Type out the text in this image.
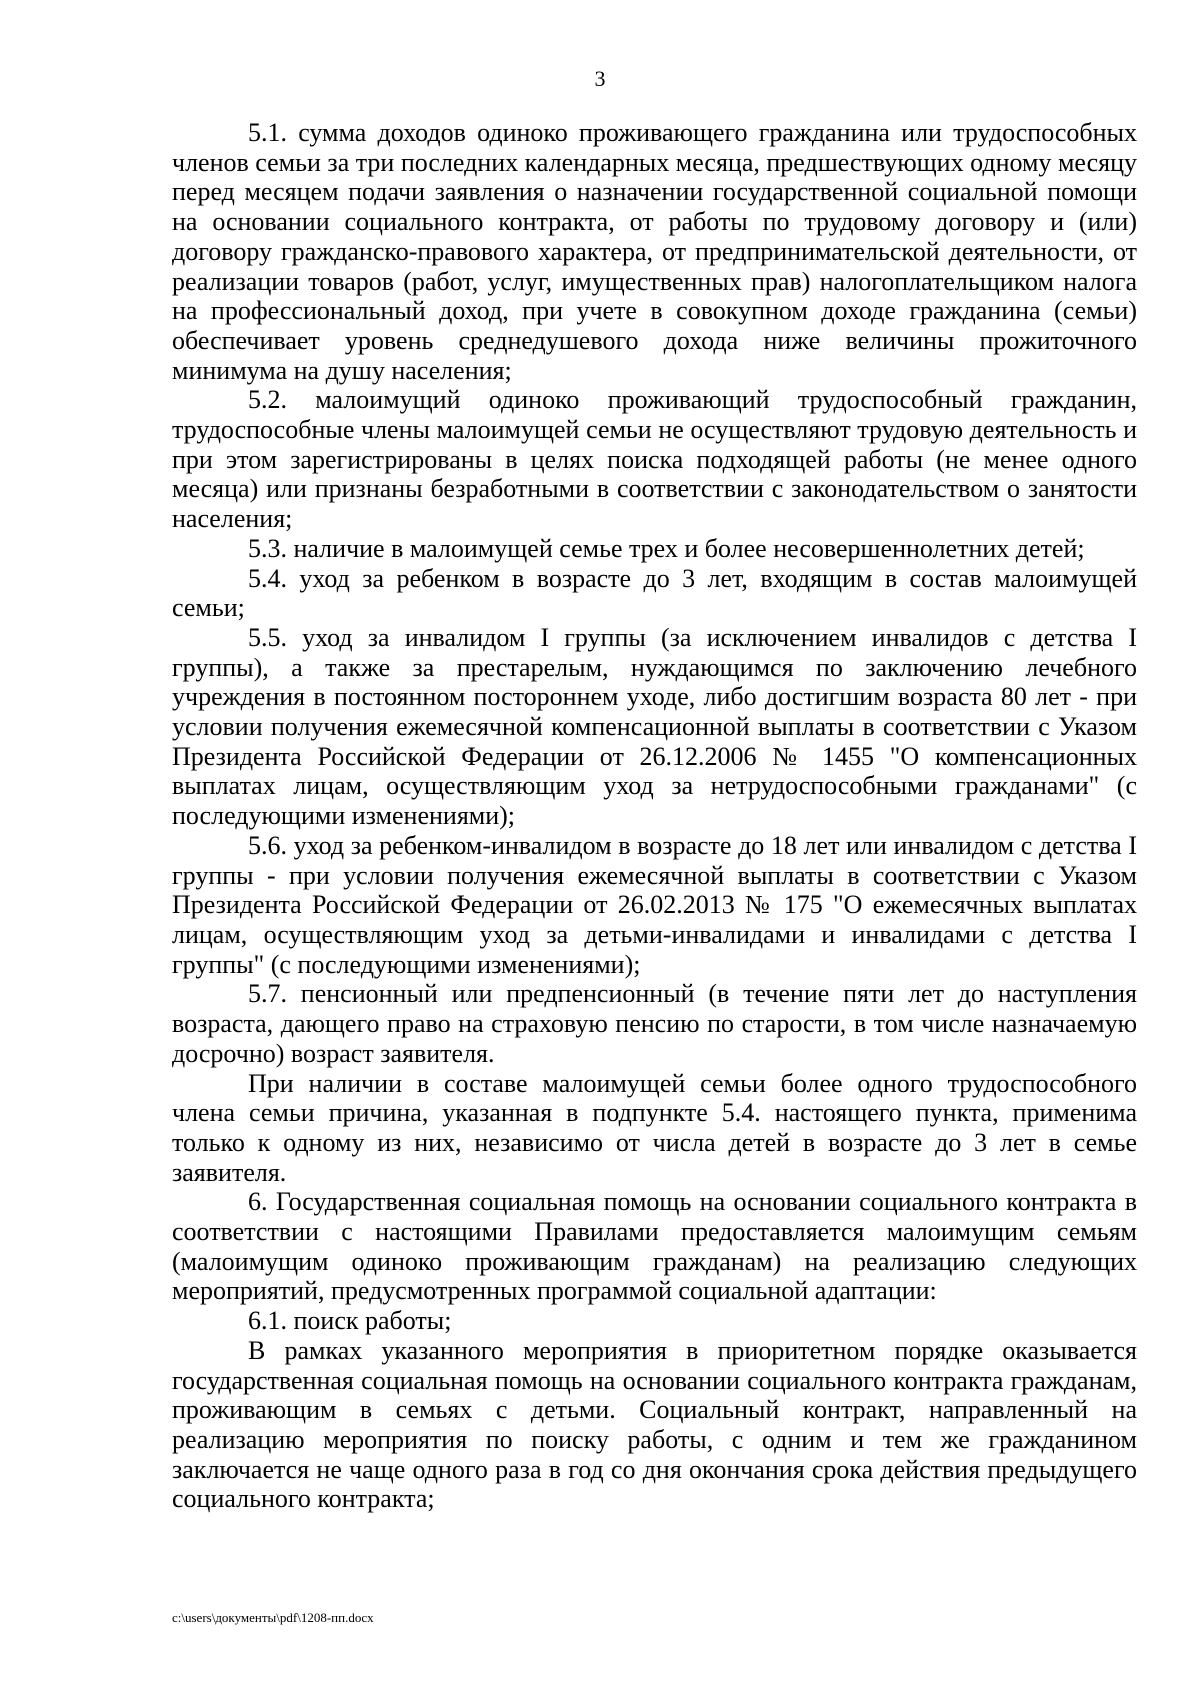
3

5.1. сумма доходов одиноко проживающего гражданина или трудоспособных членов семьи за три последних календарных месяца, предшествующих одному месяцу перед месяцем подачи заявления о назначении государственной социальной помощи на основании социального контракта, от работы по трудовому договору и (или) договору гражданско-правового характера, от предпринимательской деятельности, от реализации товаров (работ, услуг, имущественных прав) налогоплательщиком налога на профессиональный доход, при учете в совокупном доходе гражданина (семьи) обеспечивает уровень среднедушевого дохода ниже величины прожиточного минимума на душу населения;

5.2. малоимущий одиноко проживающий трудоспособный гражданин, трудоспособные члены малоимущей семьи не осуществляют трудовую деятельность и при этом зарегистрированы в целях поиска подходящей работы (не менее одного месяца) или признаны безработными в соответствии с законодательством о занятости населения;

5.3. наличие в малоимущей семье трех и более несовершеннолетних детей;

5.4. уход за ребенком в возрасте до 3 лет, входящим в состав малоимущей семьи;

5.5. уход за инвалидом I группы (за исключением инвалидов с детства I группы), а также за престарелым, нуждающимся по заключению лечебного учреждения в постоянном постороннем уходе, либо достигшим возраста 80 лет - при условии получения ежемесячной компенсационной выплаты в соответствии с Указом Президента Российской Федерации от 26.12.2006 № 1455 "О компенсационных выплатах лицам, осуществляющим уход за нетрудоспособными гражданами" (с последующими изменениями);

5.6. уход за ребенком-инвалидом в возрасте до 18 лет или инвалидом с детства I группы - при условии получения ежемесячной выплаты в соответствии с Указом Президента Российской Федерации от 26.02.2013 № 175 "О ежемесячных выплатах лицам, осуществляющим уход за детьми-инвалидами и инвалидами с детства I группы" (с последующими изменениями);

5.7. пенсионный или предпенсионный (в течение пяти лет до наступления возраста, дающего право на страховую пенсию по старости, в том числе назначаемую досрочно) возраст заявителя.

При наличии в составе малоимущей семьи более одного трудоспособного члена семьи причина, указанная в подпункте 5.4. настоящего пункта, применима только к одному из них, независимо от числа детей в возрасте до 3 лет в семье заявителя.

6. Государственная социальная помощь на основании социального контракта в соответствии с настоящими Правилами предоставляется малоимущим семьям (малоимущим одиноко проживающим гражданам) на реализацию следующих мероприятий, предусмотренных программой социальной адаптации:

6.1. поиск работы;

В рамках указанного мероприятия в приоритетном порядке оказывается государственная социальная помощь на основании социального контракта гражданам, проживающим в семьях с детьми. Социальный контракт, направленный на реализацию мероприятия по поиску работы, с одним и тем же гражданином заключается не чаще одного раза в год со дня окончания срока действия предыдущего социального контракта;

c:\users\документы\pdf\1208-пп.docx
